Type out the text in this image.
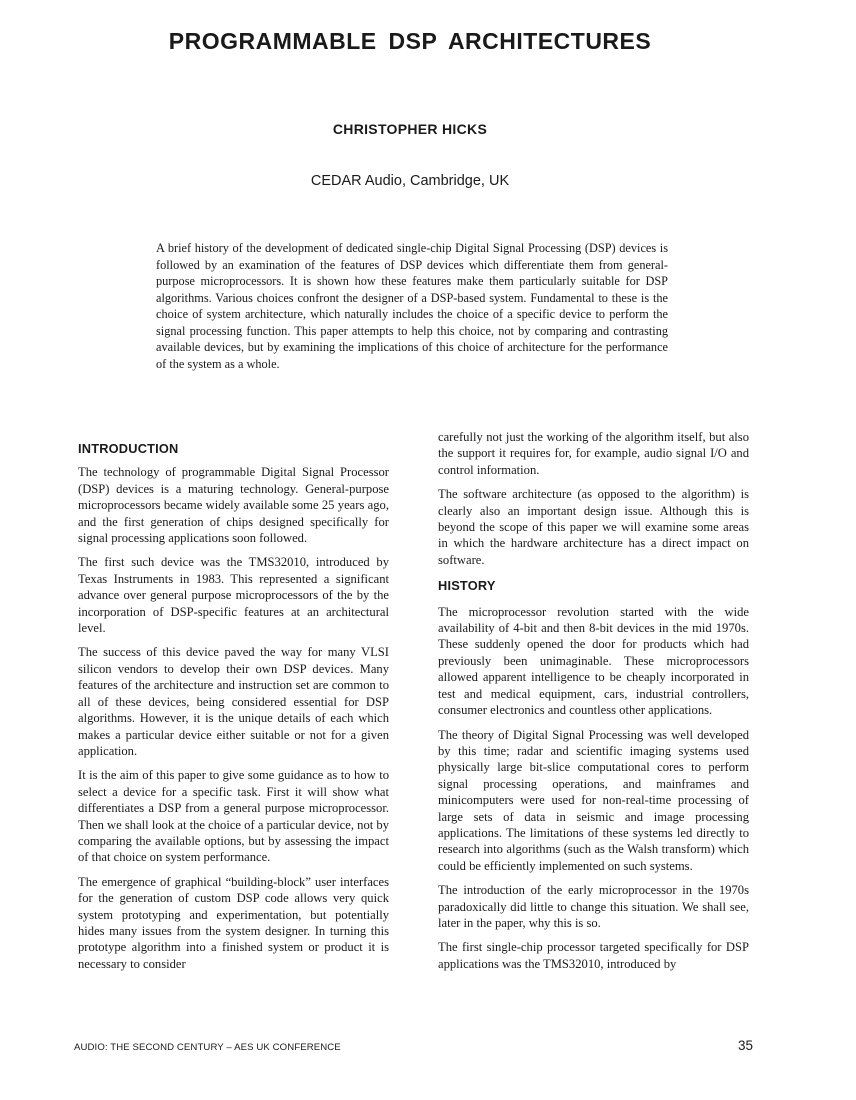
PROGRAMMABLE DSP ARCHITECTURES
CHRISTOPHER HICKS
CEDAR Audio, Cambridge, UK

A brief history of the development of dedicated single-chip Digital Signal Processing (DSP) devices is followed by an examination of the features of DSP devices which differentiate them from general-purpose microprocessors. It is shown how these features make them particularly suitable for DSP algorithms. Various choices confront the designer of a DSP-based system. Fundamental to these is the choice of system architecture, which naturally includes the choice of a specific device to perform the signal processing function. This paper attempts to help this choice, not by comparing and contrasting available devices, but by examining the implications of this choice of architecture for the performance of the system as a whole.

INTRODUCTION

The technology of programmable Digital Signal Processor (DSP) devices is a maturing technology. General-purpose microprocessors became widely available some 25 years ago, and the first generation of chips designed specifically for signal processing applications soon followed.

The first such device was the TMS32010, introduced by Texas Instruments in 1983. This represented a significant advance over general purpose microprocessors of the by the incorporation of DSP-specific features at an architectural level.

The success of this device paved the way for many VLSI silicon vendors to develop their own DSP devices. Many features of the architecture and instruction set are common to all of these devices, being considered essential for DSP algorithms. However, it is the unique details of each which makes a particular device either suitable or not for a given application.

It is the aim of this paper to give some guidance as to how to select a device for a specific task. First it will show what differentiates a DSP from a general purpose microprocessor. Then we shall look at the choice of a particular device, not by comparing the available options, but by assessing the impact of that choice on system performance.

The emergence of graphical “building-block” user interfaces for the generation of custom DSP code allows very quick system prototyping and experimentation, but potentially hides many issues from the system designer. In turning this prototype algorithm into a finished system or product it is necessary to consider

carefully not just the working of the algorithm itself, but also the support it requires for, for example, audio signal I/O and control information.

The software architecture (as opposed to the algorithm) is clearly also an important design issue. Although this is beyond the scope of this paper we will examine some areas in which the hardware architecture has a direct impact on software.

HISTORY

The microprocessor revolution started with the wide availability of 4-bit and then 8-bit devices in the mid 1970s. These suddenly opened the door for products which had previously been unimaginable. These microprocessors allowed apparent intelligence to be cheaply incorporated in test and medical equipment, cars, industrial controllers, consumer electronics and countless other applications.

The theory of Digital Signal Processing was well developed by this time; radar and scientific imaging systems used physically large bit-slice computational cores to perform signal processing operations, and mainframes and minicomputers were used for non-real-time processing of large sets of data in seismic and image processing applications. The limitations of these systems led directly to research into algorithms (such as the Walsh transform) which could be efficiently implemented on such systems.

The introduction of the early microprocessor in the 1970s paradoxically did little to change this situation. We shall see, later in the paper, why this is so.

The first single-chip processor targeted specifically for DSP applications was the TMS32010, introduced by

AUDIO: THE SECOND CENTURY – AES UK CONFERENCE	35
